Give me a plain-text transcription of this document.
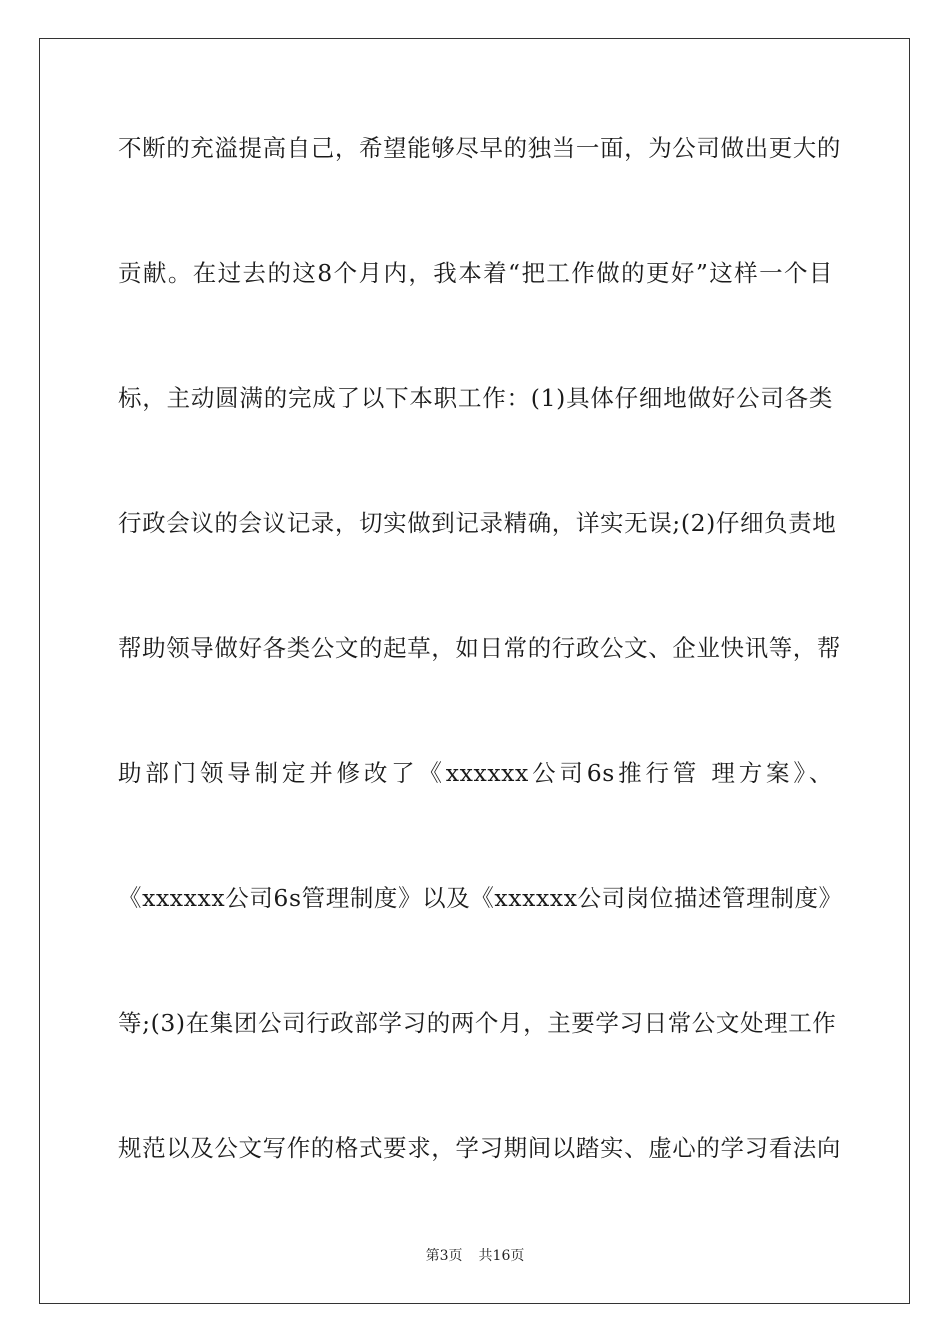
不断的充溢提高自己，希望能够尽早的独当一面，为公司做出更大的
贡献。在过去的这8个月内，我本着“把工作做的更好”这样一个目
标，主动圆满的完成了以下本职工作：(1)具体仔细地做好公司各类
行政会议的会议记录，切实做到记录精确，详实无误;(2)仔细负责地
帮助领导做好各类公文的起草，如日常的行政公文、企业快讯等，帮
助部门领导制定并修改了《xxxxxx公司6s推行管 理方案》、
《xxxxxx公司6s管理制度》以及《xxxxxx公司岗位描述管理制度》
等;(3)在集团公司行政部学习的两个月，主要学习日常公文处理工作
规范以及公文写作的格式要求，学习期间以踏实、虚心的学习看法向
第3页 共16页
